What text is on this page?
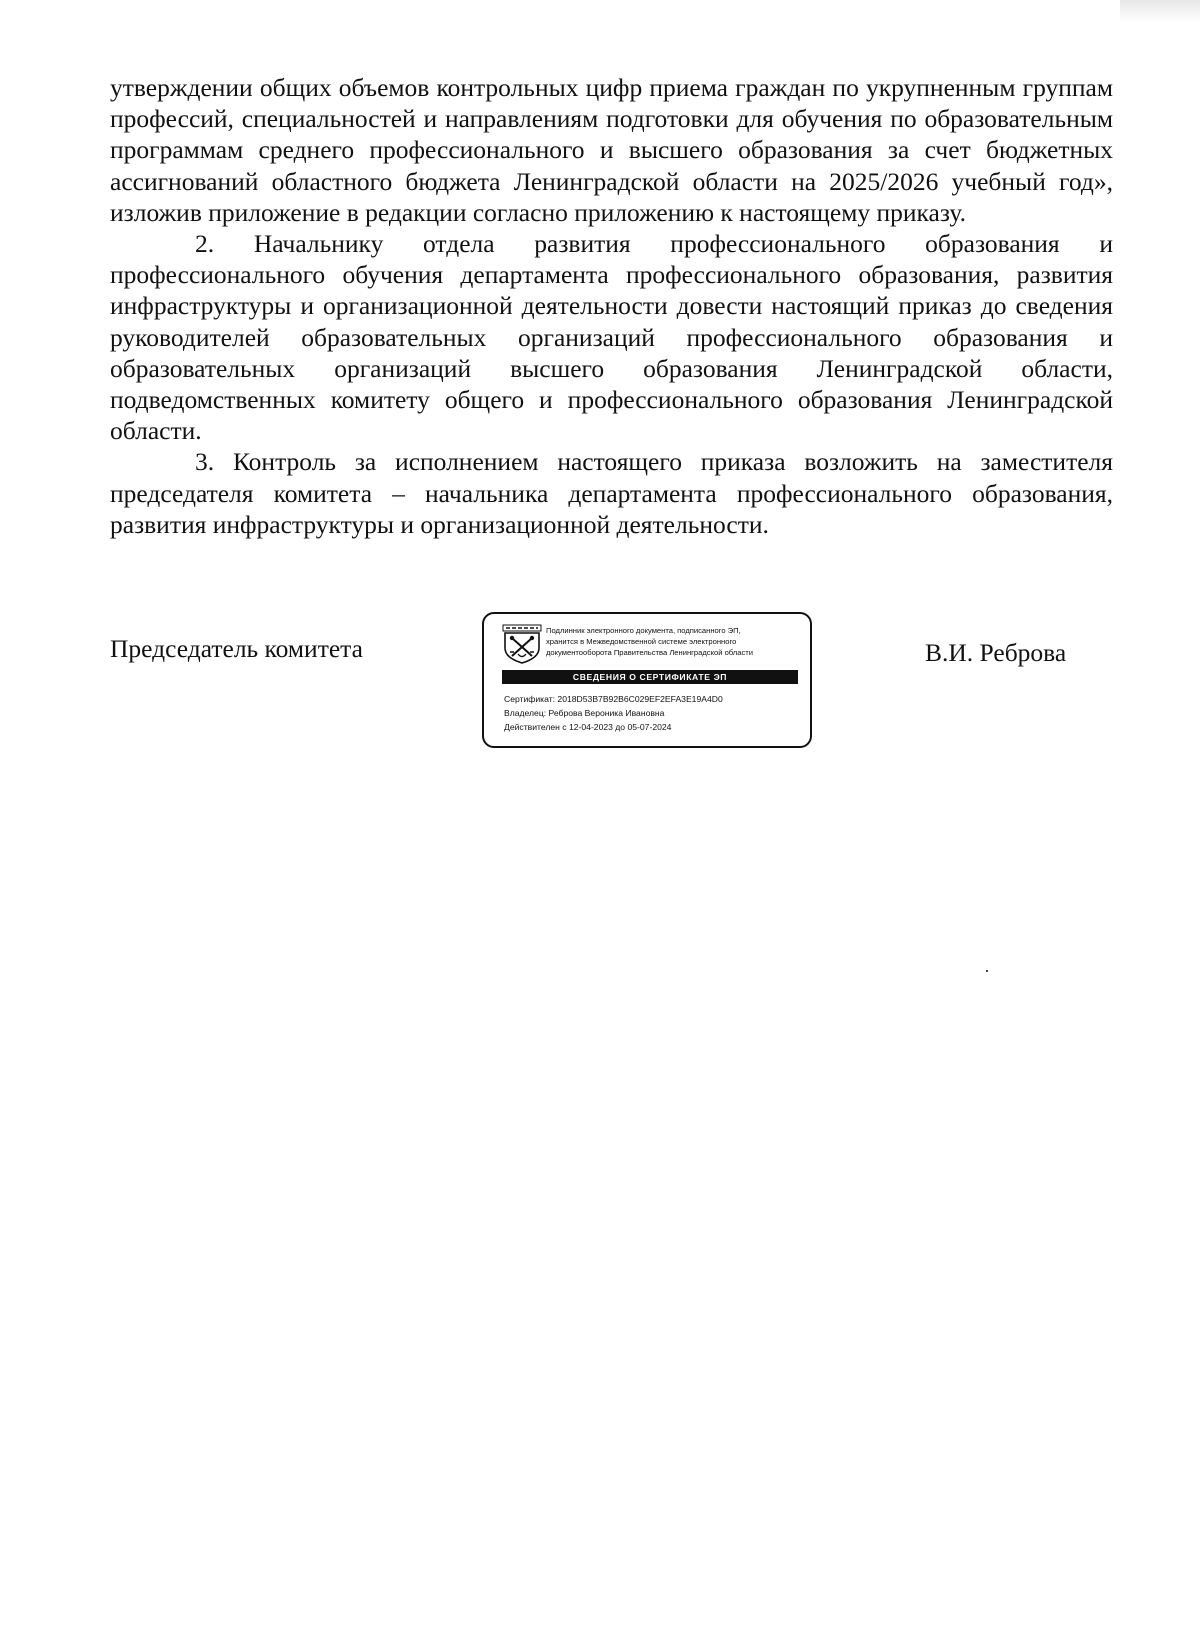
утверждении общих объемов контрольных цифр приема граждан по укрупненным группам профессий, специальностей и направлениям подготовки для обучения по образовательным программам среднего профессионального и высшего образования за счет бюджетных ассигнований областного бюджета Ленинградской области на 2025/2026 учебный год», изложив приложение в редакции согласно приложению к настоящему приказу.

2. Начальнику отдела развития профессионального образования и профессионального обучения департамента профессионального образования, развития инфраструктуры и организационной деятельности довести настоящий приказ до сведения руководителей образовательных организаций профессионального образования и образовательных организаций высшего образования Ленинградской области, подведомственных комитету общего и профессионального образования Ленинградской области.

3. Контроль за исполнением настоящего приказа возложить на заместителя председателя комитета – начальника департамента профессионального образования, развития инфраструктуры и организационной деятельности.

Председатель комитета
Подлинник электронного документа, подписанного ЭП,
хранится в Межведомственной системе электронного
документооборота Правительства Ленинградской области
СВЕДЕНИЯ О СЕРТИФИКАТЕ ЭП
Сертификат: 2018D53B7B92B6C029EF2EFA3E19A4D0
Владелец: Реброва Вероника Ивановна
Действителен с 12-04-2023 до 05-07-2024
В.И. Реброва
